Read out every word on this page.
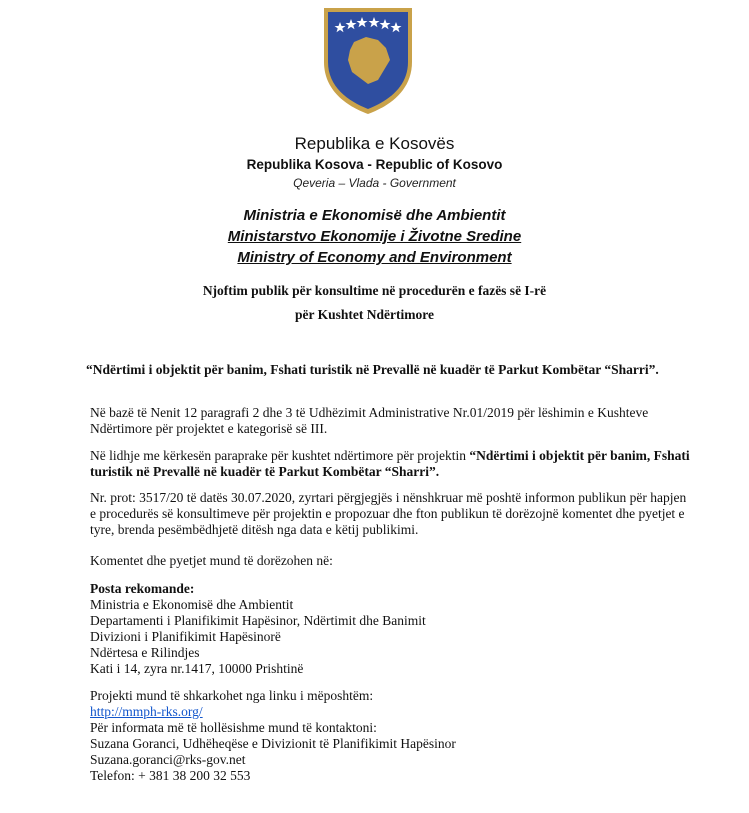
Republika e Kosovës
Republika Kosova - Republic of Kosovo
Qeveria – Vlada - Government
Ministria e Ekonomisë dhe Ambientit
Ministarstvo Ekonomije i Životne Sredine
Ministry of Economy and Environment
Njoftim publik për konsultime në procedurën e fazës së I-rë
për Kushtet Ndërtimore
“Ndërtimi i objektit për banim, Fshati turistik në Prevallë në kuadër të Parkut Kombëtar “Sharri”.
Në bazë të Nenit 12 paragrafi 2 dhe 3 të Udhëzimit Administrative Nr.01/2019 për lëshimin e Kushteve Ndërtimore për projektet e kategorisë së III.
Në lidhje me kërkesën paraprake për kushtet ndërtimore për projektin “Ndërtimi i objektit për banim, Fshati turistik në Prevallë në kuadër të Parkut Kombëtar “Sharri”.
Nr. prot: 3517/20 të datës 30.07.2020, zyrtari përgjegjës i nënshkruar më poshtë informon publikun për hapjen e procedurës së konsultimeve për projektin e propozuar dhe fton publikun të dorëzojnë komentet dhe pyetjet e tyre, brenda pesëmbëdhjetë ditësh nga data e këtij publikimi.
Komentet dhe pyetjet mund të dorëzohen në:
Posta rekomande:
Ministria e Ekonomisë dhe Ambientit
Departamenti i Planifikimit Hapësinor, Ndërtimit dhe Banimit
Divizioni i Planifikimit Hapësinorë
Ndërtesa e Rilindjes
Kati i 14, zyra nr.1417, 10000 Prishtinë
Projekti mund të shkarkohet nga linku i mëposhtëm:
http://mmph-rks.org/
Për informata më të hollësishme mund të kontaktoni:
Suzana Goranci, Udhëheqëse e Divizionit të Planifikimit Hapësinor
Suzana.goranci@rks-gov.net
Telefon: + 381 38 200 32 553
